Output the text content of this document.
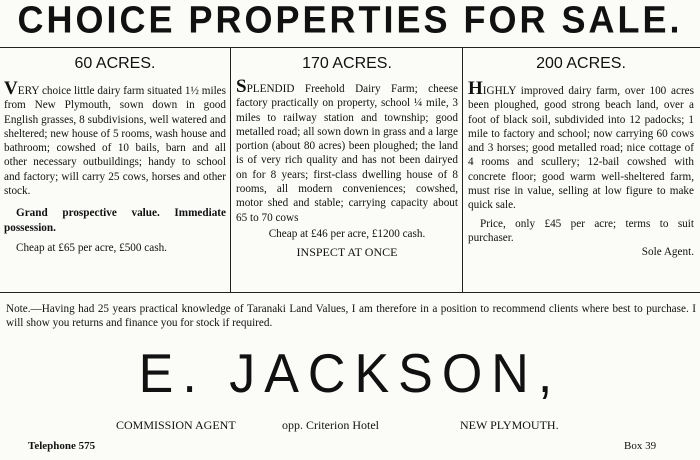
CHOICE PROPERTIES FOR SALE.
60 ACRES.

VERY choice little dairy farm situated 1½ miles from New Plymouth, sown down in good English grasses, 8 subdivisions, well watered and sheltered; new house of 5 rooms, wash house and bathroom; cowshed of 10 bails, barn and all other necessary outbuildings; handy to school and factory; will carry 25 cows, horses and other stock.

Grand prospective value. Immediate possession.

Cheap at £65 per acre, £500 cash.

170 ACRES.

SPLENDID Freehold Dairy Farm; cheese factory practically on property, school ¼ mile, 3 miles to railway station and township; good metalled road; all sown down in grass and a large portion (about 80 acres) been ploughed; the land is of very rich quality and has not been dairyed on for 8 years; first-class dwelling house of 8 rooms, all modern conveniences; cowshed, motor shed and stable; carrying capacity about 65 to 70 cows

Cheap at £46 per acre, £1200 cash.

INSPECT AT ONCE

200 ACRES.

HIGHLY improved dairy farm, over 100 acres been ploughed, good strong beach land, over a foot of black soil, subdivided into 12 padocks; 1 mile to factory and school; now carrying 60 cows and 3 horses; good metalled road; nice cottage of 4 rooms and scullery; 12-bail cowshed with concrete floor; good warm well-sheltered farm, must rise in value, selling at low figure to make quick sale.

Price, only £45 per acre; terms to suit purchaser.

Sole Agent.

Note.—Having had 25 years practical knowledge of Taranaki Land Values, I am therefore in a position to recommend clients where best to purchase. I will show you returns and finance you for stock if required.
E. JACKSON,
COMMISSION AGENT	opp. Criterion Hotel	NEW PLYMOUTH.
Telephone 575	Box 39
